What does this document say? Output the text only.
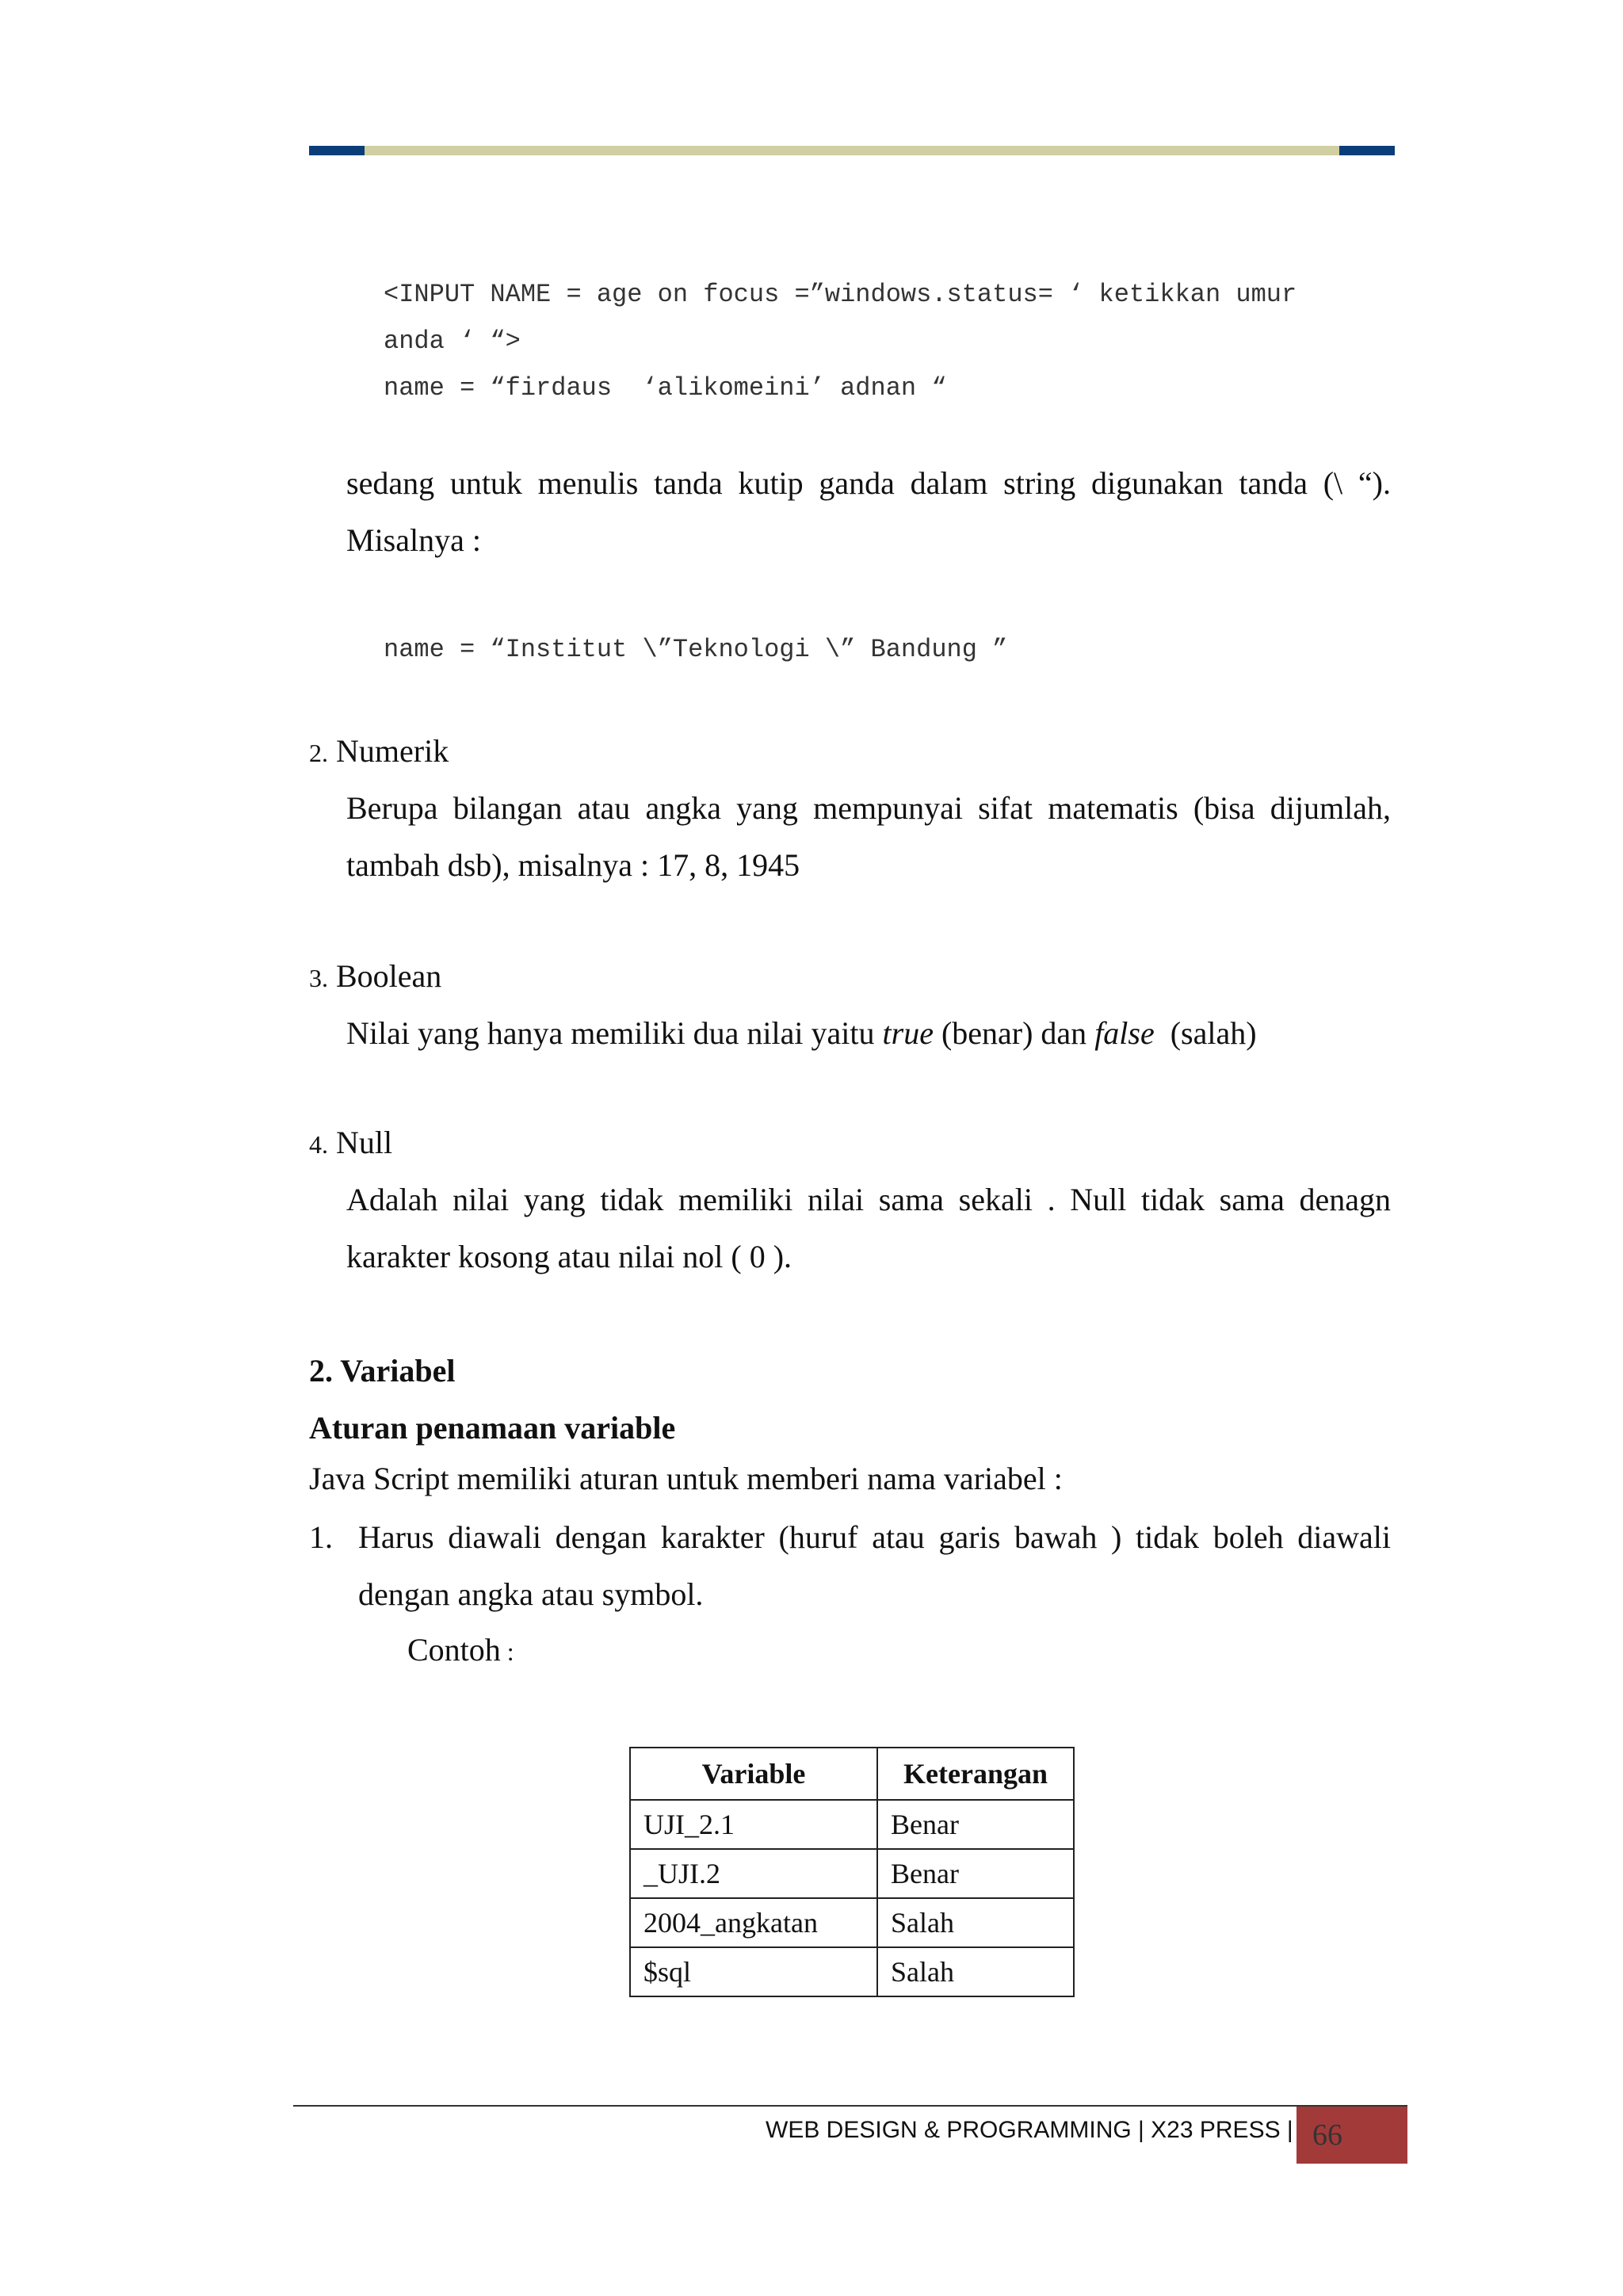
<INPUT NAME = age on focus =”windows.status= ‘ ketikkan umur
anda ‘ “>
name = “firdaus  ‘alikomeini’ adnan “

sedang untuk menulis tanda kutip ganda dalam string digunakan tanda (\ “).

Misalnya :

name = “Institut \”Teknologi \” Bandung ”
2. Numerik

Berupa bilangan atau angka yang mempunyai sifat matematis (bisa dijumlah,

tambah dsb), misalnya : 17, 8, 1945

3. Boolean
Nilai yang hanya memiliki dua nilai yaitu true (benar) dan false  (salah)
4. Null

Adalah nilai yang tidak memiliki nilai sama sekali . Null tidak sama denagn

karakter kosong atau nilai nol ( 0 ).

2. Variabel
Aturan penamaan variable
Java Script memiliki aturan untuk memberi nama variabel :
1. Harus diawali dengan karakter (huruf atau garis bawah ) tidak boleh diawali

dengan angka atau symbol.

Contoh :
Variable	Keterangan
UJI_2.1	Benar
_UJI.2	Benar
2004_angkatan	Salah
$sql	Salah
WEB DESIGN & PROGRAMMING | X23 PRESS | 66
